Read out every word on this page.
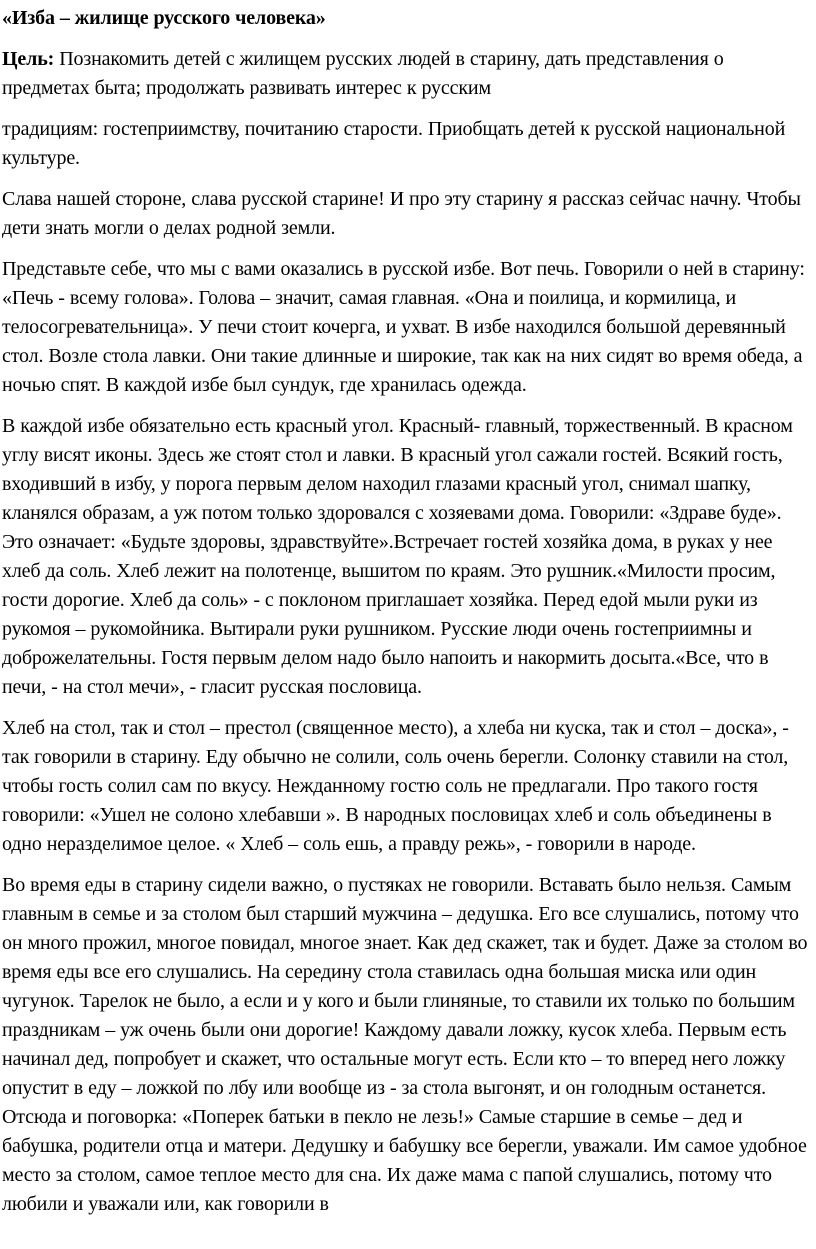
«Изба – жилище русского человека»

Цель: Познакомить детей с жилищем русских людей в старину, дать представления о предметах быта; продолжать развивать интерес к русским

традициям: гостеприимству, почитанию старости. Приобщать детей к русской национальной культуре.

Слава нашей стороне, слава русской старине! И про эту старину я рассказ сейчас начну. Чтобы дети знать могли о делах родной земли.

Представьте себе, что мы с вами оказались в русской избе. Вот печь. Говорили о ней в старину: «Печь - всему голова». Голова – значит, самая главная. «Она и поилица, и кормилица, и телосогревательница». У печи стоит кочерга, и ухват. В избе находился большой деревянный стол. Возле стола лавки. Они такие длинные и широкие, так как на них сидят во время обеда, а ночью спят. В каждой избе был сундук, где хранилась одежда.

В каждой избе обязательно есть красный угол. Красный- главный, торжественный. В красном углу висят иконы. Здесь же стоят стол и лавки. В красный угол сажали гостей. Всякий гость, входивший в избу, у порога первым делом находил глазами красный угол, снимал шапку, кланялся образам, а уж потом только здоровался с хозяевами дома. Говорили: «Здраве буде». Это означает: «Будьте здоровы, здравствуйте».Встречает гостей хозяйка дома, в руках у нее хлеб да соль. Хлеб лежит на полотенце, вышитом по краям. Это рушник.«Милости просим, гости дорогие. Хлеб да соль» - с поклоном приглашает хозяйка. Перед едой мыли руки из рукомоя – рукомойника. Вытирали руки рушником. Русские люди очень гостеприимны и доброжелательны. Гостя первым делом надо было напоить и накормить досыта.«Все, что в печи, - на стол мечи», - гласит русская пословица.

Хлеб на стол, так и стол – престол (священное место), а хлеба ни куска, так и стол – доска», - так говорили в старину. Еду обычно не солили, соль очень берегли. Солонку ставили на стол, чтобы гость солил сам по вкусу. Нежданному гостю соль не предлагали. Про такого гостя говорили: «Ушел не солоно хлебавши ». В народных пословицах хлеб и соль объединены в одно неразделимое целое. « Хлеб – соль ешь, а правду режь», - говорили в народе.

Во время еды в старину сидели важно, о пустяках не говорили. Вставать было нельзя. Самым главным в семье и за столом был старший мужчина – дедушка. Его все слушались, потому что он много прожил, многое повидал, многое знает. Как дед скажет, так и будет. Даже за столом во время еды все его слушались. На середину стола ставилась одна большая миска или один чугунок. Тарелок не было, а если и у кого и были глиняные, то ставили их только по большим праздникам – уж очень были они дорогие! Каждому давали ложку, кусок хлеба. Первым есть начинал дед, попробует и скажет, что остальные могут есть. Если кто – то вперед него ложку опустит в еду – ложкой по лбу или вообще из - за стола выгонят, и он голодным останется. Отсюда и поговорка: «Поперек батьки в пекло не лезь!» Самые старшие в семье – дед и бабушка, родители отца и матери. Дедушку и бабушку все берегли, уважали. Им самое удобное место за столом, самое теплое место для сна. Их даже мама с папой слушались, потому что любили и уважали или, как говорили в
